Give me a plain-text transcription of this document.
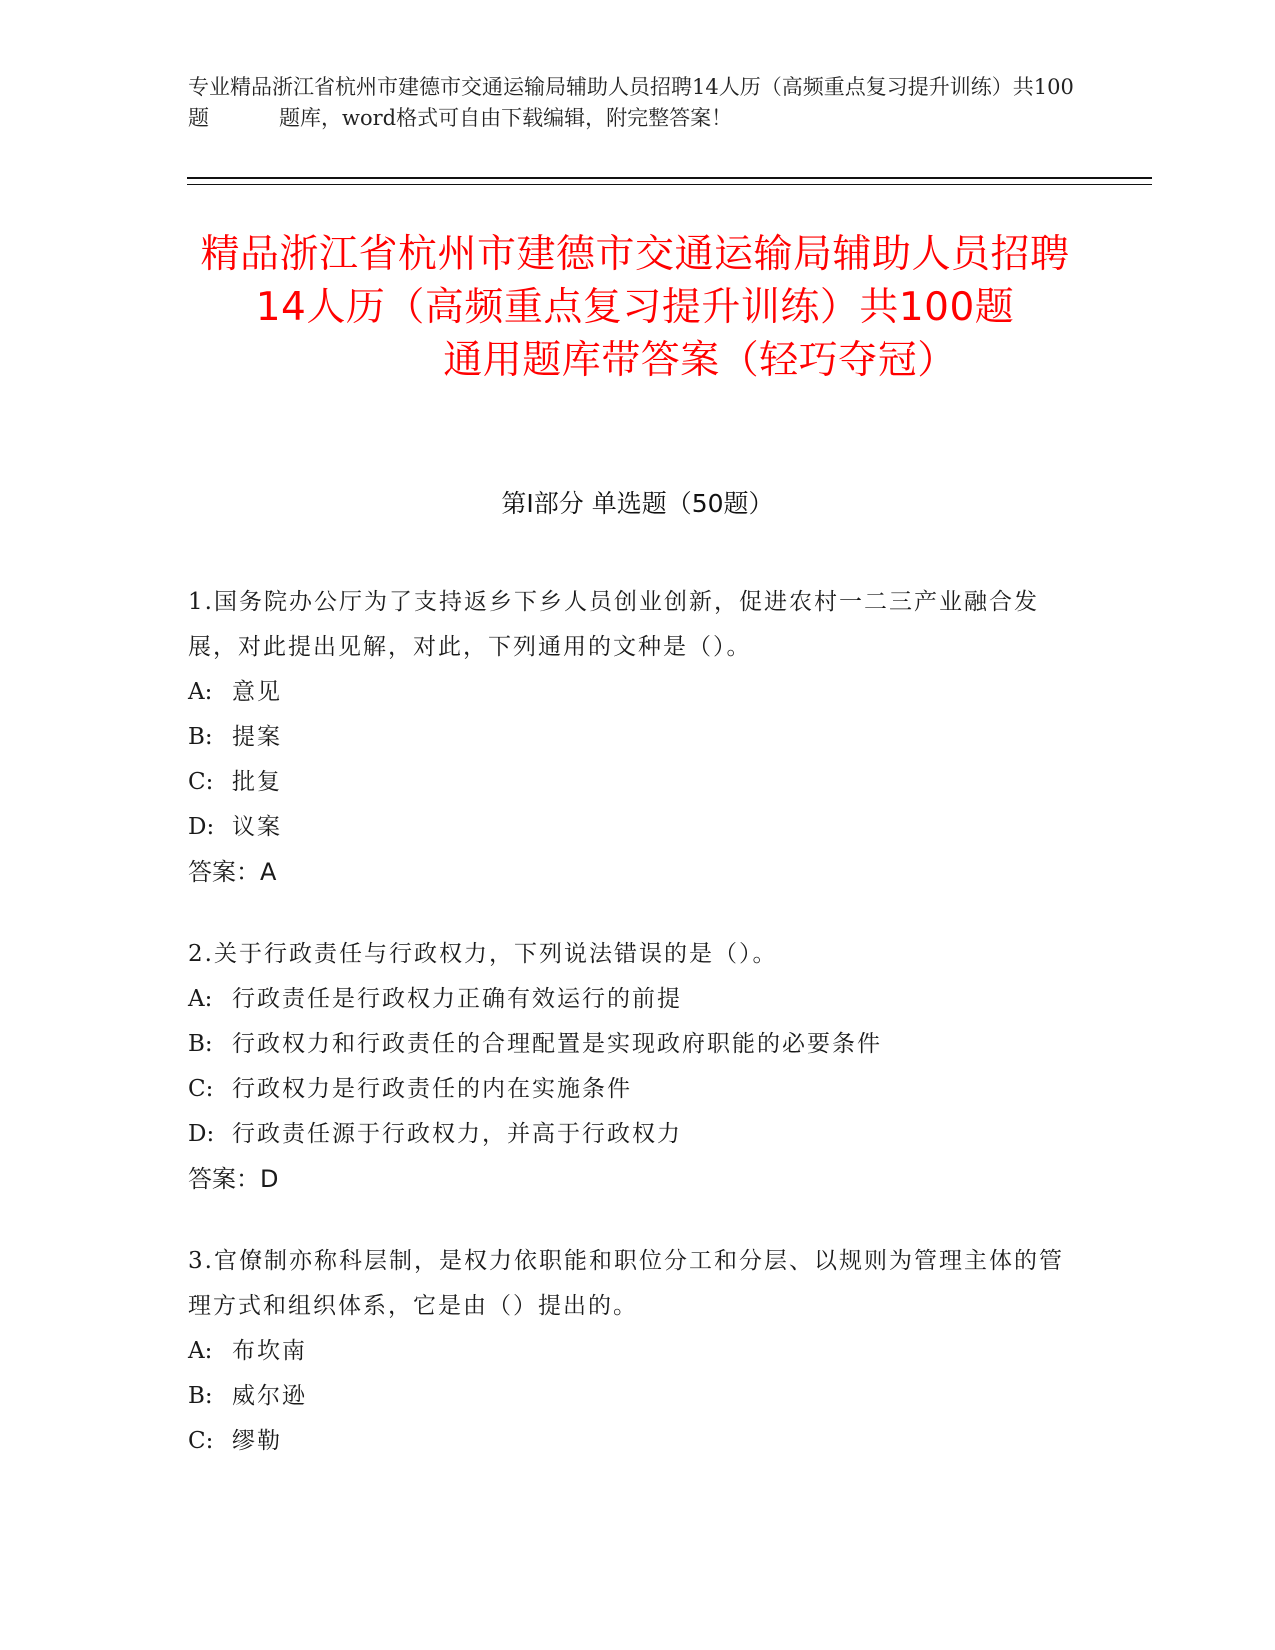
专业精品浙江省杭州市建德市交通运输局辅助人员招聘14人历（高频重点复习提升训练）共100题	题库，word格式可自由下载编辑，附完整答案！
精品浙江省杭州市建德市交通运输局辅助人员招聘14人历（高频重点复习提升训练）共100题通用题库带答案（轻巧夺冠）
第Ⅰ部分 单选题（50题）

1.国务院办公厅为了支持返乡下乡人员创业创新，促进农村一二三产业融合发展，对此提出见解，对此，下列通用的文种是（）。

A: 意见

B: 提案

C: 批复

D: 议案

答案：A

2.关于行政责任与行政权力，下列说法错误的是（）。

A: 行政责任是行政权力正确有效运行的前提

B: 行政权力和行政责任的合理配置是实现政府职能的必要条件

C: 行政权力是行政责任的内在实施条件

D: 行政责任源于行政权力，并高于行政权力

答案：D

3.官僚制亦称科层制，是权力依职能和职位分工和分层、以规则为管理主体的管理方式和组织体系，它是由（）提出的。

A: 布坎南

B: 威尔逊

C: 缪勒
